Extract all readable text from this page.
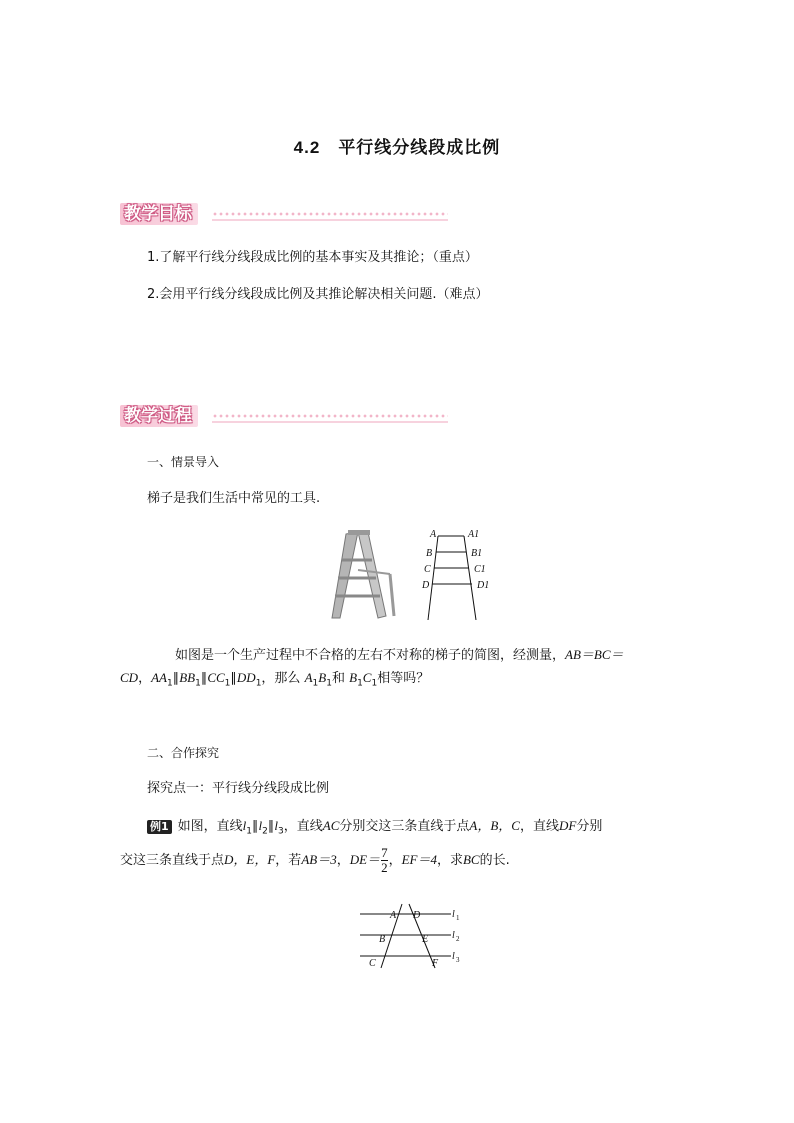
4.2 平行线分线段成比例
教学目标
1.了解平行线分线段成比例的基本事实及其推论；（重点）
2.会用平行线分线段成比例及其推论解决相关问题.（难点）
教学过程
一、情景导入
梯子是我们生活中常见的工具.
A
B
C
D
A1
B1
C1
D1
如图是一个生产过程中不合格的左右不对称的梯子的简图，经测量，AB＝BC＝
CD，$AA_1\parallel BB_1\parallel CC_1\parallel DD_1$，那么 $A_1B_1$和 $B_1C_1$相等吗？
二、合作探究
探究点一：平行线分线段成比例
例1 如图，直线$l_1\parallel l_2\parallel l_3$，直线AC分别交这三条直线于点A，B，C，直线DF分别
交这三条直线于点D，E，F，若AB＝3，$DE= \frac{7}{2}$ ，EF＝4，求BC的长.
A D
B	E
C	F
l 1
l 2
l 3
